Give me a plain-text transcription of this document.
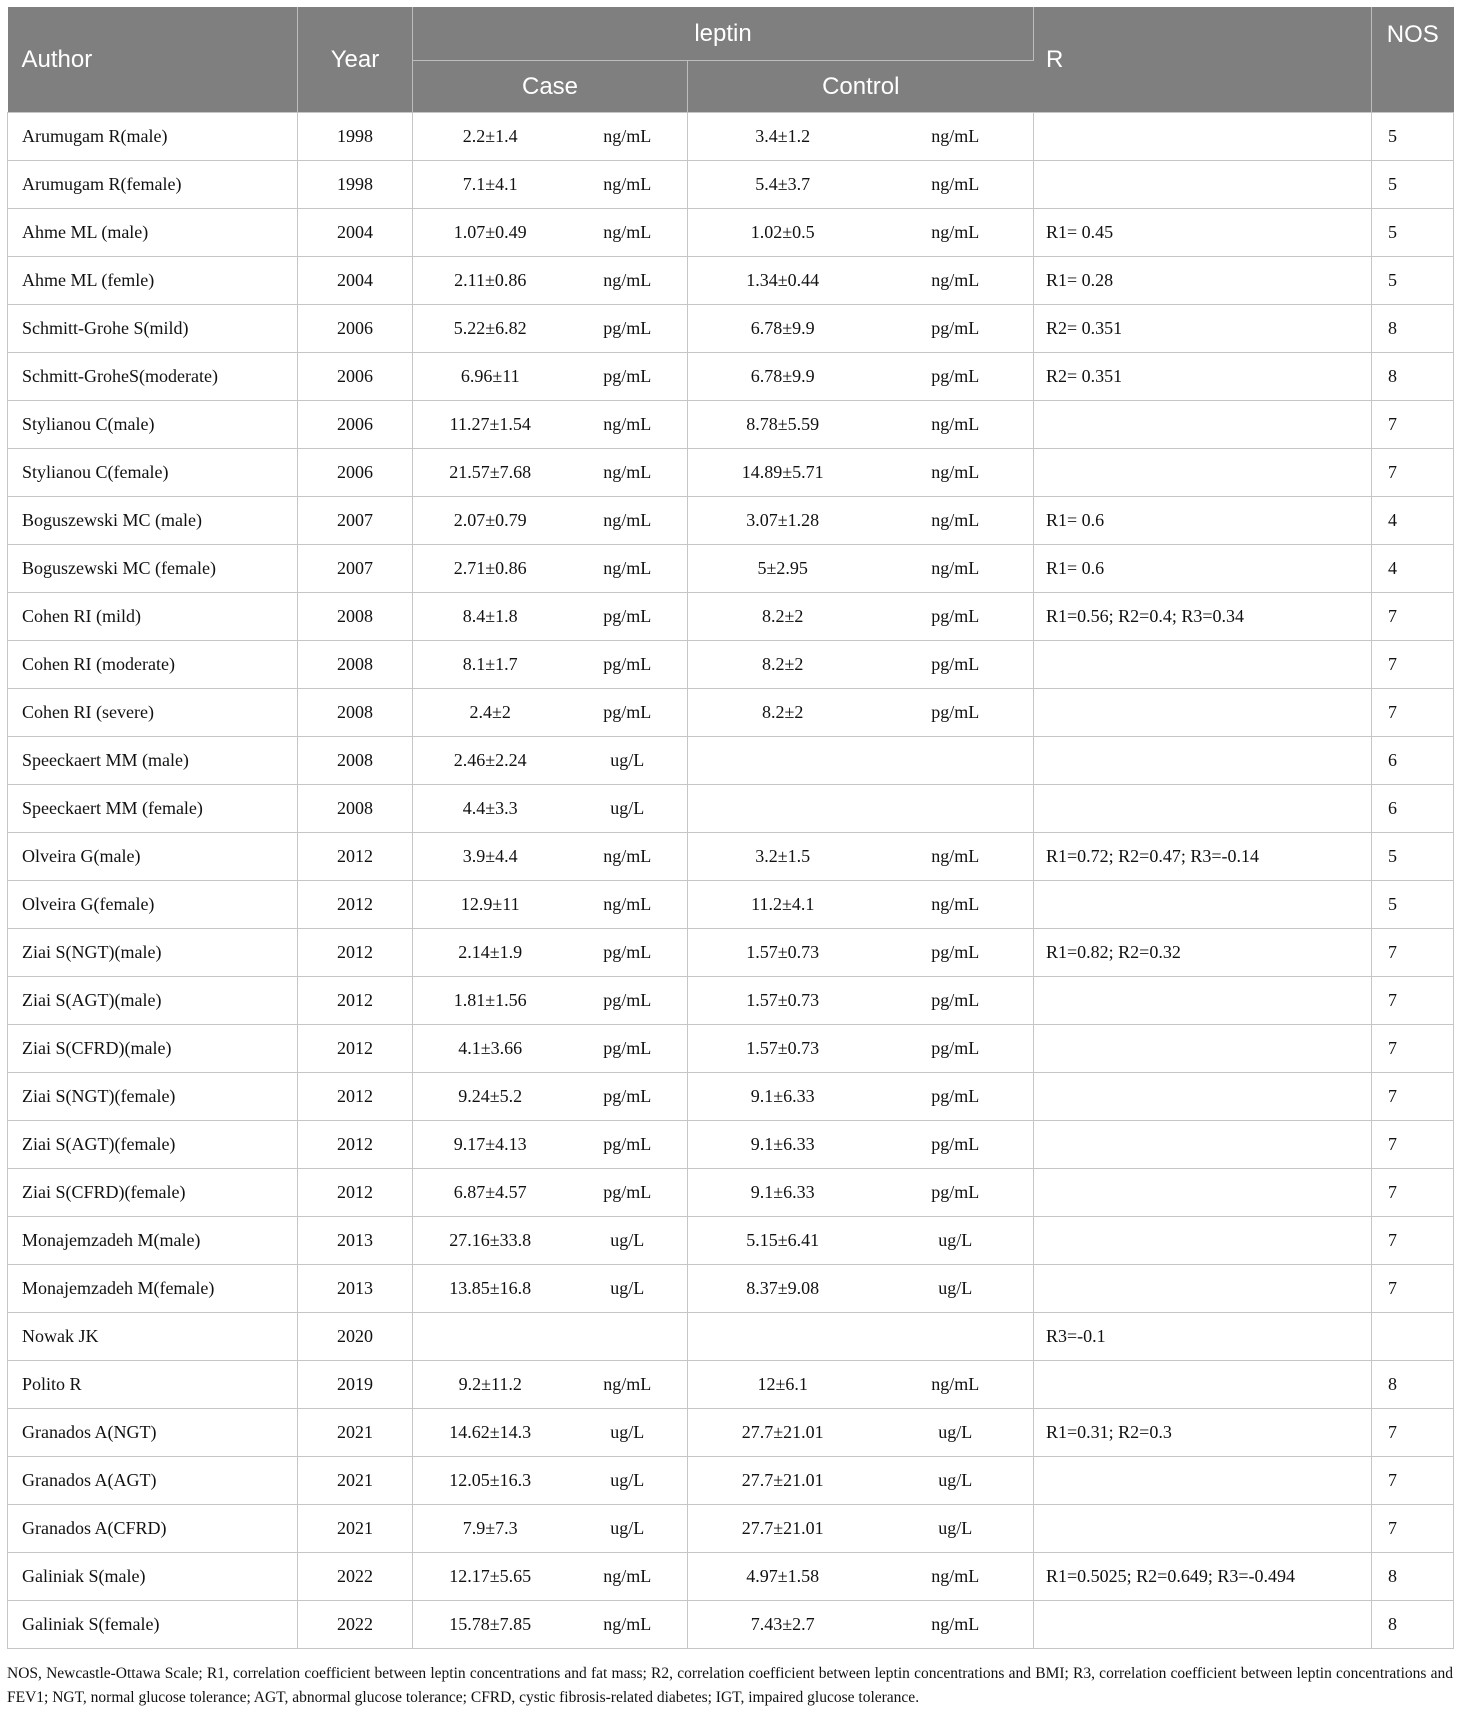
Author	Year	leptin				R	NOS
		Case		Control			
Arumugam R(male)	1998	2.2±1.4	ng/mL	3.4±1.2	ng/mL		5
Arumugam R(female)	1998	7.1±4.1	ng/mL	5.4±3.7	ng/mL		5
Ahme ML (male)	2004	1.07±0.49	ng/mL	1.02±0.5	ng/mL	R1= 0.45	5
Ahme ML (femle)	2004	2.11±0.86	ng/mL	1.34±0.44	ng/mL	R1= 0.28	5
Schmitt-Grohe S(mild)	2006	5.22±6.82	pg/mL	6.78±9.9	pg/mL	R2= 0.351	8
Schmitt-GroheS(moderate)	2006	6.96±11	pg/mL	6.78±9.9	pg/mL	R2= 0.351	8
Stylianou C(male)	2006	11.27±1.54	ng/mL	8.78±5.59	ng/mL		7
Stylianou C(female)	2006	21.57±7.68	ng/mL	14.89±5.71	ng/mL		7
Boguszewski MC (male)	2007	2.07±0.79	ng/mL	3.07±1.28	ng/mL	R1= 0.6	4
Boguszewski MC (female)	2007	2.71±0.86	ng/mL	5±2.95	ng/mL	R1= 0.6	4
Cohen RI (mild)	2008	8.4±1.8	pg/mL	8.2±2	pg/mL	R1=0.56; R2=0.4; R3=0.34	7
Cohen RI (moderate)	2008	8.1±1.7	pg/mL	8.2±2	pg/mL		7
Cohen RI (severe)	2008	2.4±2	pg/mL	8.2±2	pg/mL		7
Speeckaert MM (male)	2008	2.46±2.24	ug/L				6
Speeckaert MM (female)	2008	4.4±3.3	ug/L				6
Olveira G(male)	2012	3.9±4.4	ng/mL	3.2±1.5	ng/mL	R1=0.72; R2=0.47; R3=-0.14	5
Olveira G(female)	2012	12.9±11	ng/mL	11.2±4.1	ng/mL		5
Ziai S(NGT)(male)	2012	2.14±1.9	pg/mL	1.57±0.73	pg/mL	R1=0.82; R2=0.32	7
Ziai S(AGT)(male)	2012	1.81±1.56	pg/mL	1.57±0.73	pg/mL		7
Ziai S(CFRD)(male)	2012	4.1±3.66	pg/mL	1.57±0.73	pg/mL		7
Ziai S(NGT)(female)	2012	9.24±5.2	pg/mL	9.1±6.33	pg/mL		7
Ziai S(AGT)(female)	2012	9.17±4.13	pg/mL	9.1±6.33	pg/mL		7
Ziai S(CFRD)(female)	2012	6.87±4.57	pg/mL	9.1±6.33	pg/mL		7
Monajemzadeh M(male)	2013	27.16±33.8	ug/L	5.15±6.41	ug/L		7
Monajemzadeh M(female)	2013	13.85±16.8	ug/L	8.37±9.08	ug/L		7
Nowak JK	2020					R3=-0.1	
Polito R	2019	9.2±11.2	ng/mL	12±6.1	ng/mL		8
Granados A(NGT)	2021	14.62±14.3	ug/L	27.7±21.01	ug/L	R1=0.31; R2=0.3	7
Granados A(AGT)	2021	12.05±16.3	ug/L	27.7±21.01	ug/L		7
Granados A(CFRD)	2021	7.9±7.3	ug/L	27.7±21.01	ug/L		7
Galiniak S(male)	2022	12.17±5.65	ng/mL	4.97±1.58	ng/mL	R1=0.5025; R2=0.649; R3=-0.494	8
Galiniak S(female)	2022	15.78±7.85	ng/mL	7.43±2.7	ng/mL		8

NOS, Newcastle-Ottawa Scale; R1, correlation coefficient between leptin concentrations and fat mass; R2, correlation coefficient between leptin concentrations and BMI; R3, correlation coefficient between leptin concentrations and FEV1; NGT, normal glucose tolerance; AGT, abnormal glucose tolerance; CFRD, cystic fibrosis-related diabetes; IGT, impaired glucose tolerance.
